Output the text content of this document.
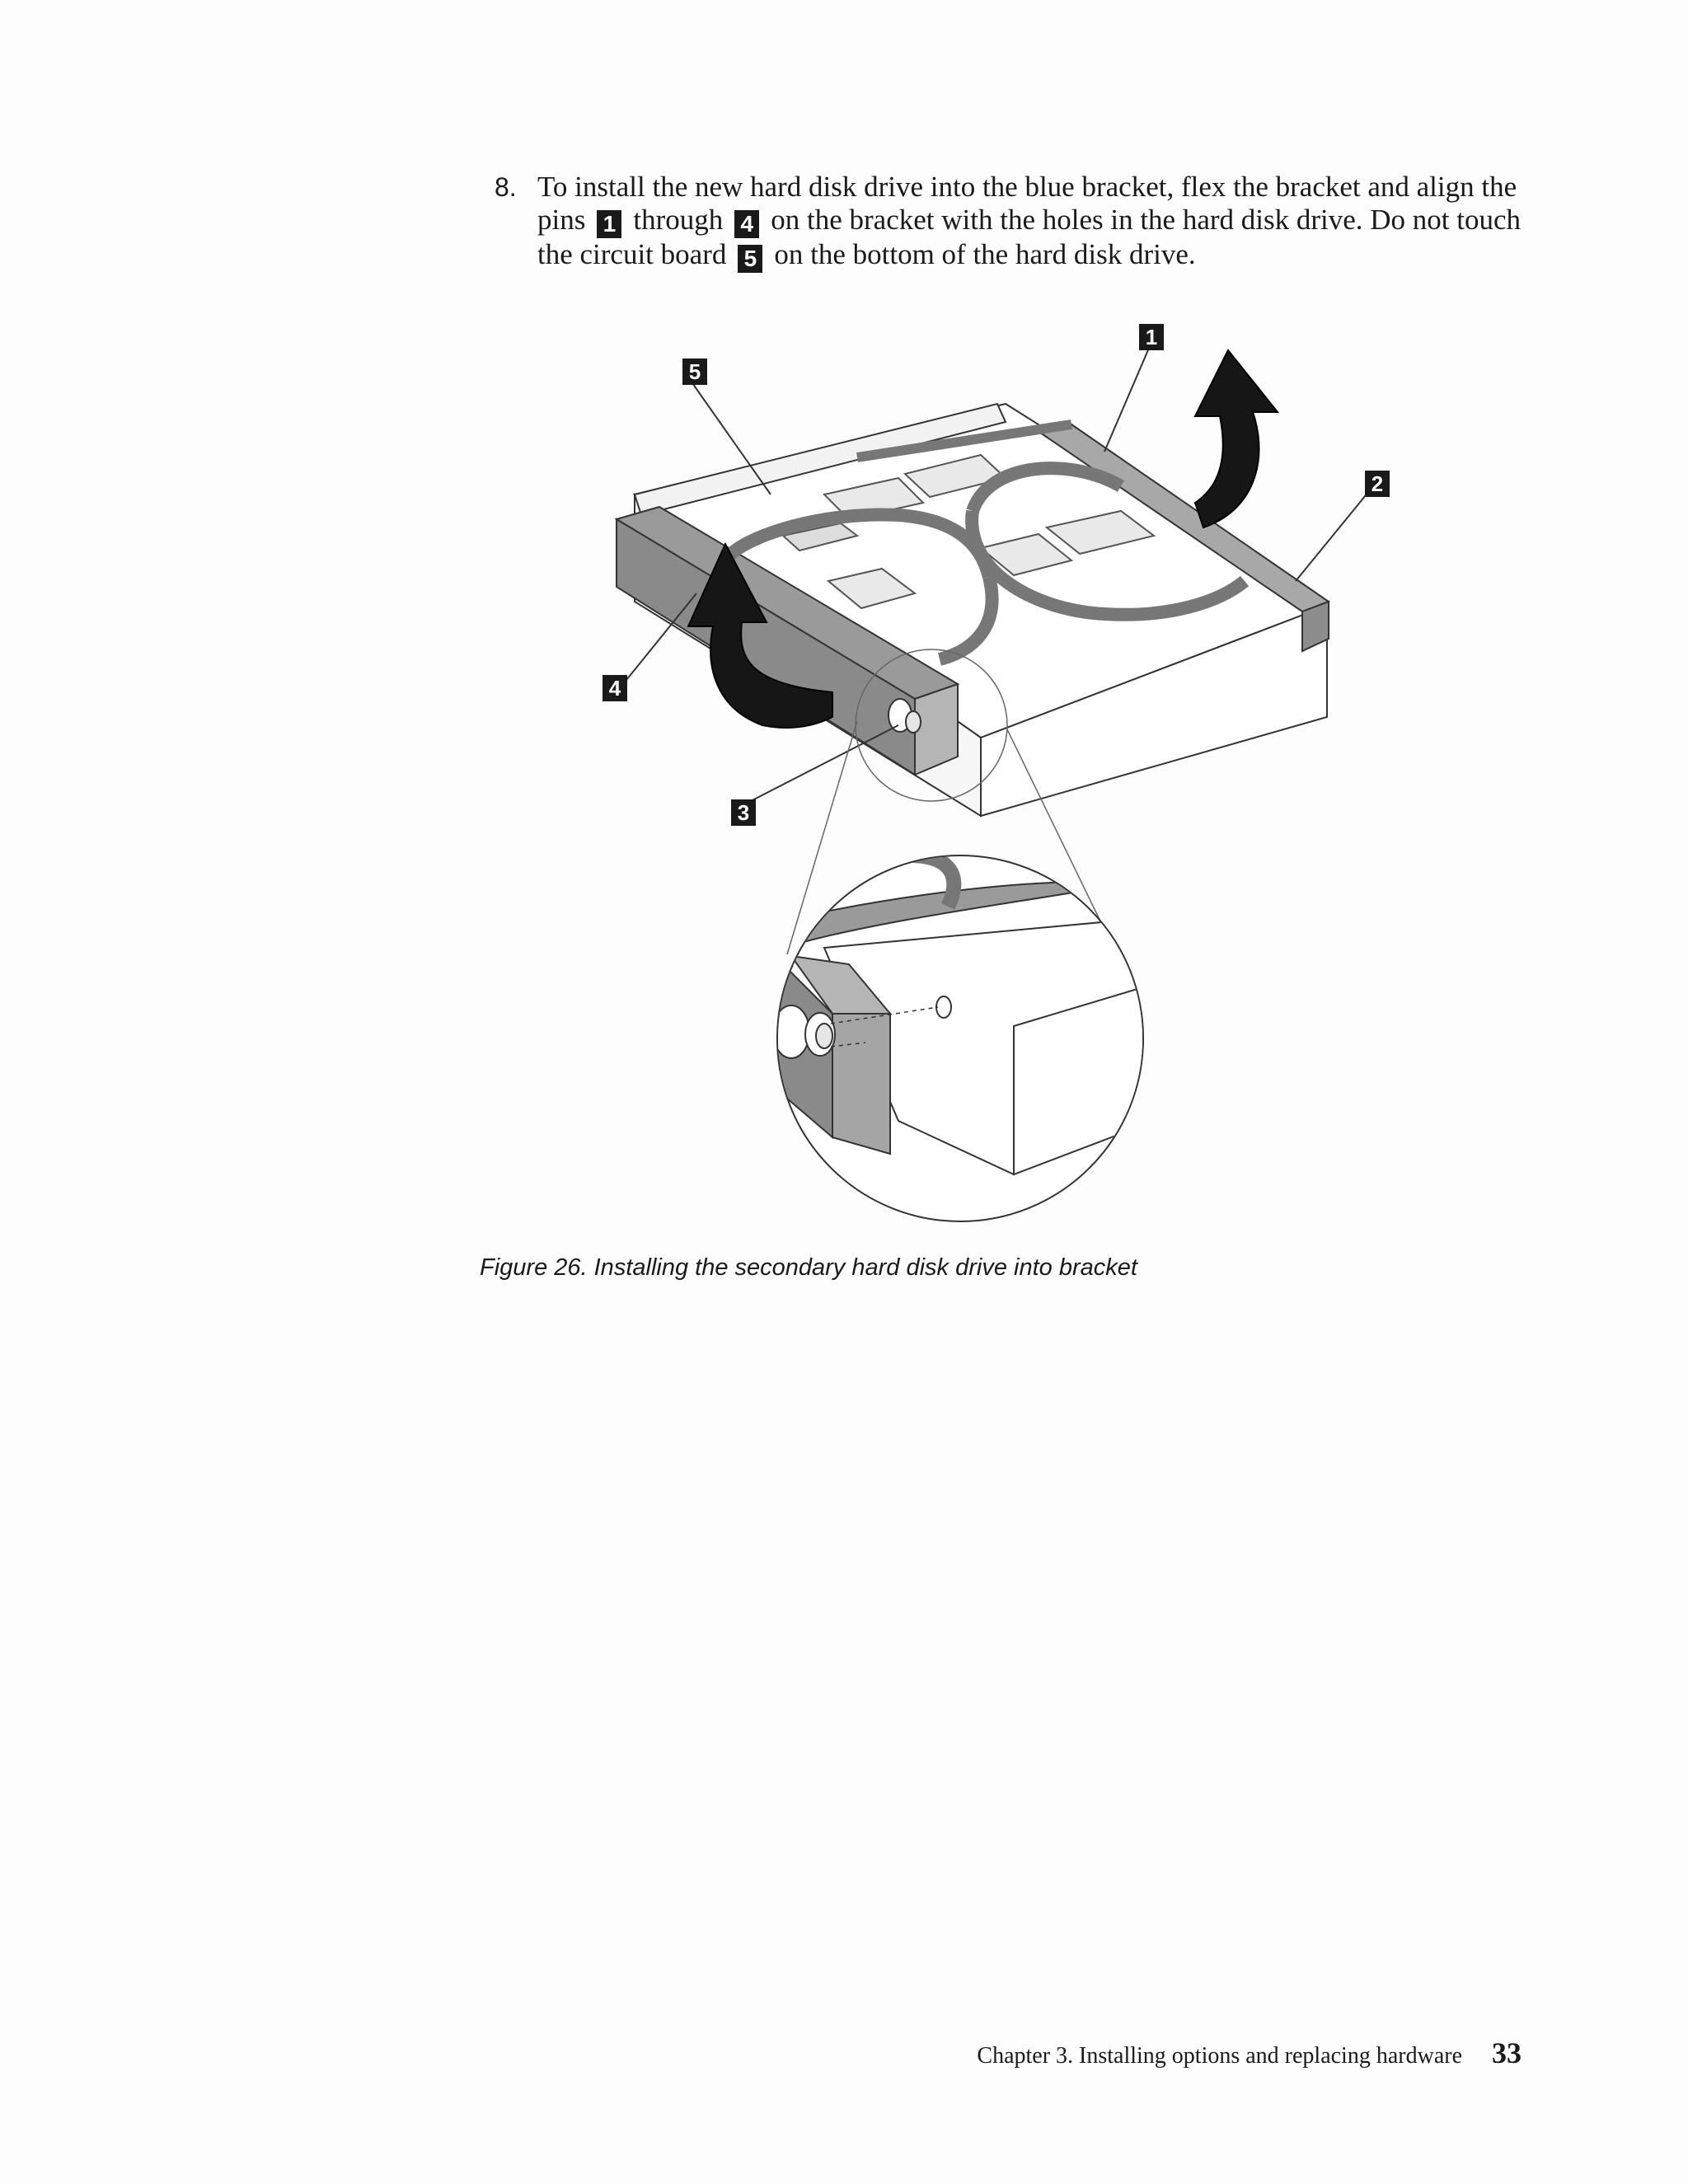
8. To install the new hard disk drive into the blue bracket, flex the bracket and align the pins 1 through 4 on the bracket with the holes in the hard disk drive. Do not touch the circuit board 5 on the bottom of the hard disk drive.
1
2
3
4
5
Figure 26. Installing the secondary hard disk drive into bracket
Chapter 3. Installing options and replacing hardware 33
